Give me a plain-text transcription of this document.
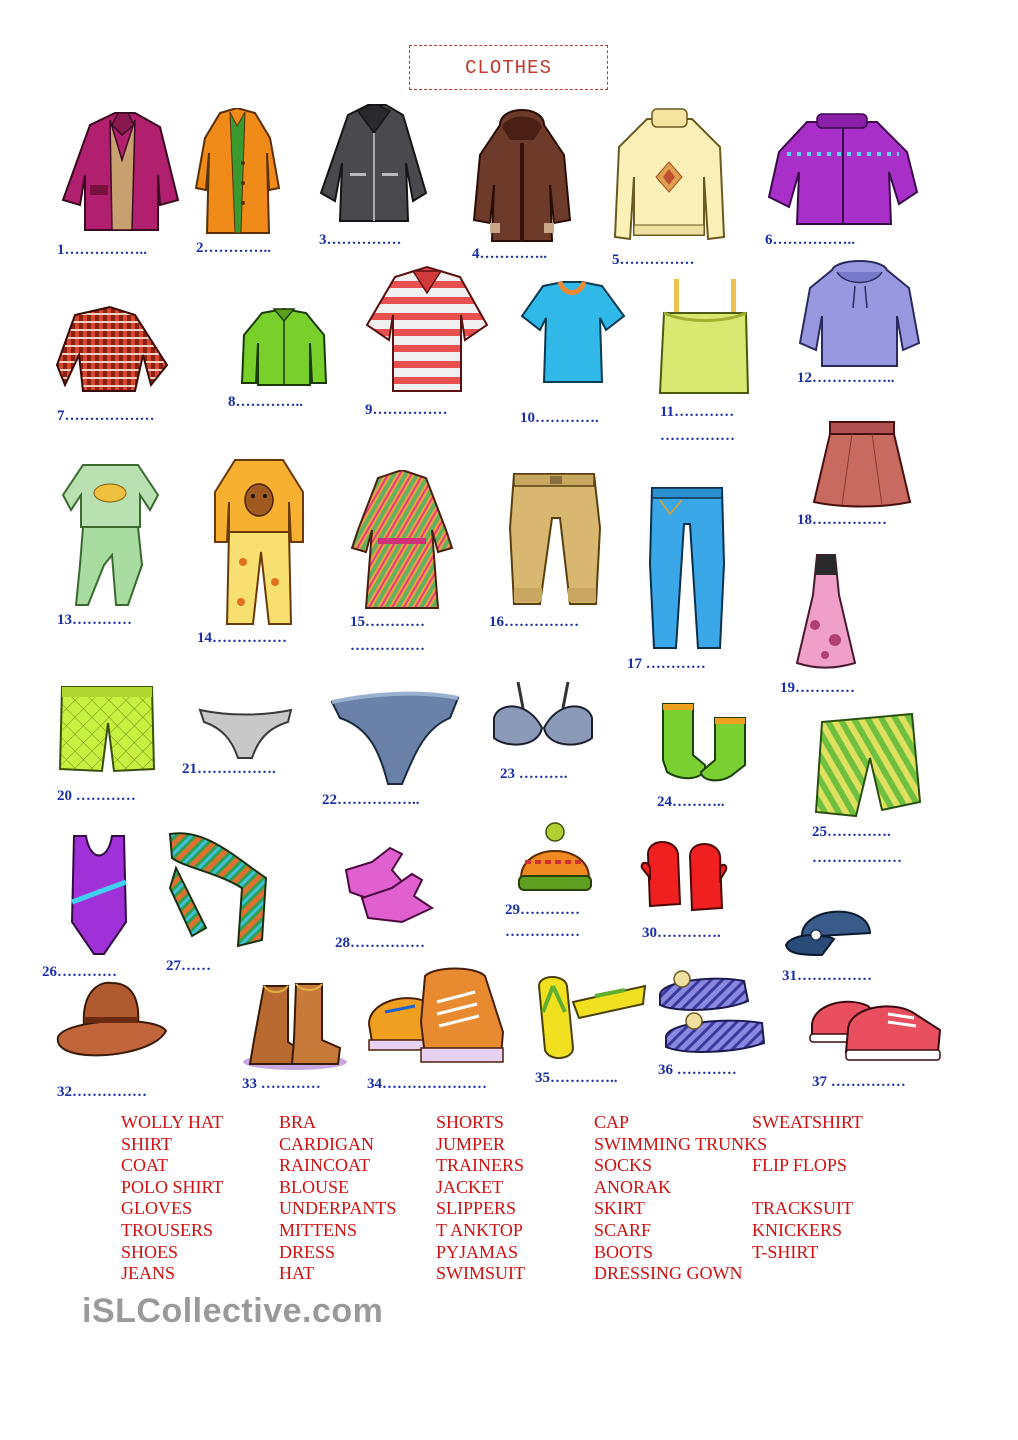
CLOTHES
1……………..	2…………..	3……………
4…………..	5……………
6……………..
7………………
8…………..	9……………	10………….	11…………
……………
12……………..
13…………
14……………
15…………
……………
16……………
17 …………
18……………
19…………
20 …………
21…………….
22……………..
23 ……….
24………..
25………….
………………
26…………	27……
28……………
29…………
……………	30………….
31……………
32……………	33 …………	34…………………	35…………..	36 …………
37 ……………
WOLLY HAT
SHIRT
COAT
POLO SHIRT
GLOVES
TROUSERS
SHOES
JEANS
BRA
CARDIGAN
RAINCOAT
BLOUSE
UNDERPANTS
MITTENS
DRESS
HAT
SHORTS
JUMPER
TRAINERS
JACKET
SLIPPERS
T ANKTOP
PYJAMAS
SWIMSUIT
CAP
SWIMMING TRUNKS
SOCKS
ANORAK
SKIRT
SCARF
BOOTS
DRESSING GOWN
SWEATSHIRT
FLIP FLOPS
TRACKSUIT
KNICKERS
T-SHIRT
iSLCollective.com
